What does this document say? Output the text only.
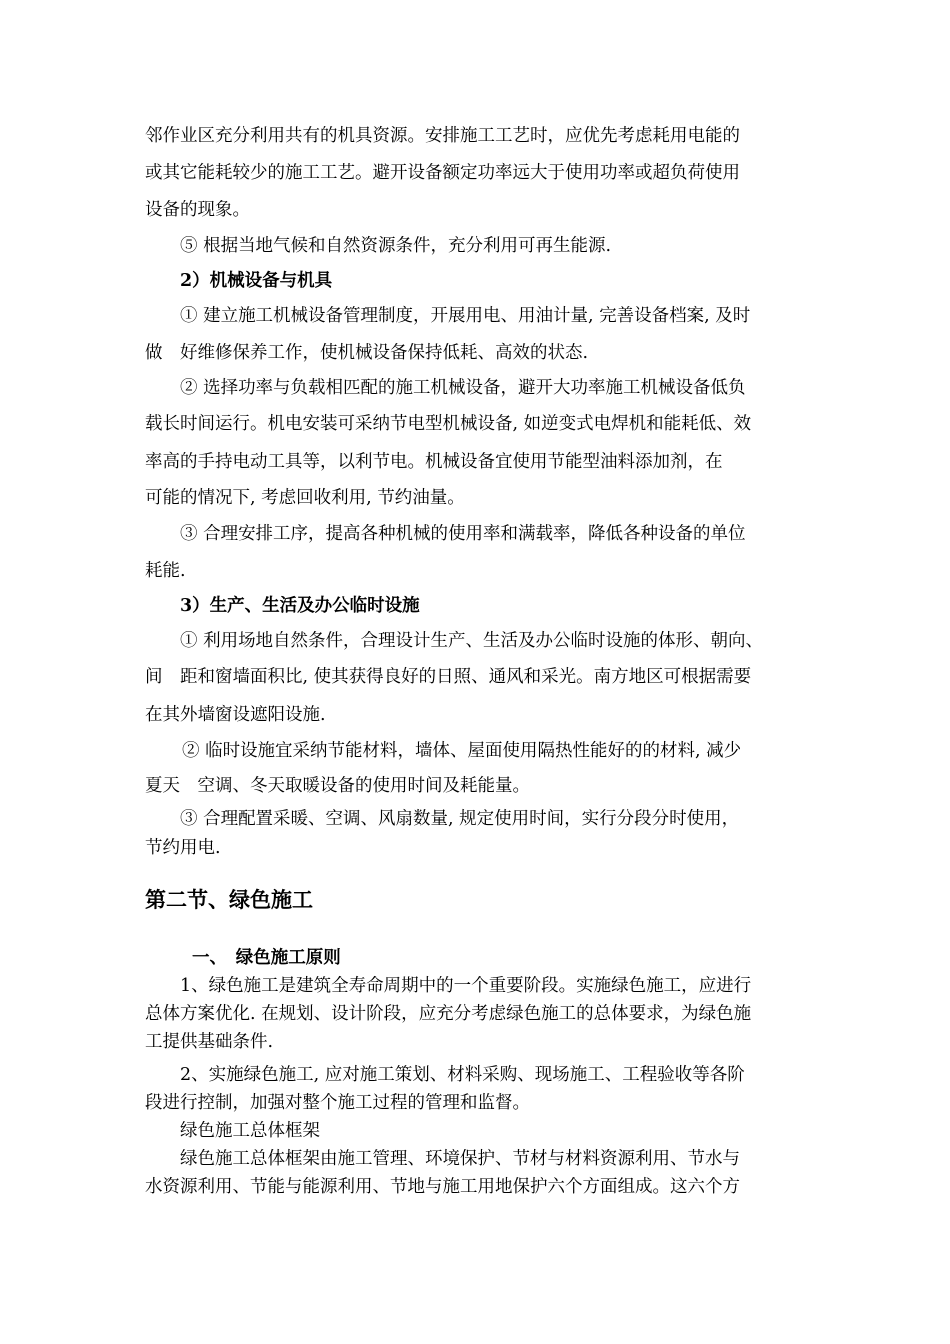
邻作业区充分利用共有的机具资源。安排施工工艺时，应优先考虑耗用电能的

或其它能耗较少的施工工艺。避开设备额定功率远大于使用功率或超负荷使用

设备的现象。

⑤ 根据当地气候和自然资源条件，充分利用可再生能源.

2）机械设备与机具

① 建立施工机械设备管理制度，开展用电、用油计量, 完善设备档案, 及时

做　好维修保养工作，使机械设备保持低耗、高效的状态.

② 选择功率与负载相匹配的施工机械设备，避开大功率施工机械设备低负

载长时间运行。机电安装可采纳节电型机械设备, 如逆变式电焊机和能耗低、效

率高的手持电动工具等，以利节电。机械设备宜使用节能型油料添加剂，在

可能的情况下, 考虑回收利用, 节约油量。

③ 合理安排工序，提高各种机械的使用率和满载率，降低各种设备的单位

耗能.

3）生产、生活及办公临时设施

① 利用场地自然条件，合理设计生产、生活及办公临时设施的体形、朝向、

间　距和窗墙面积比, 使其获得良好的日照、通风和采光。南方地区可根据需要

在其外墙窗设遮阳设施.

② 临时设施宜采纳节能材料，墙体、屋面使用隔热性能好的的材料, 减少

夏天　空调、冬天取暖设备的使用时间及耗能量。

③ 合理配置采暖、空调、风扇数量, 规定使用时间，实行分段分时使用，

节约用电.

第二节、绿色施工

一、　绿色施工原则

1、绿色施工是建筑全寿命周期中的一个重要阶段。实施绿色施工，应进行

总体方案优化. 在规划、设计阶段，应充分考虑绿色施工的总体要求，为绿色施

工提供基础条件.

2、实施绿色施工, 应对施工策划、材料采购、现场施工、工程验收等各阶

段进行控制，加强对整个施工过程的管理和监督。

绿色施工总体框架

绿色施工总体框架由施工管理、环境保护、节材与材料资源利用、节水与

水资源利用、节能与能源利用、节地与施工用地保护六个方面组成。这六个方
